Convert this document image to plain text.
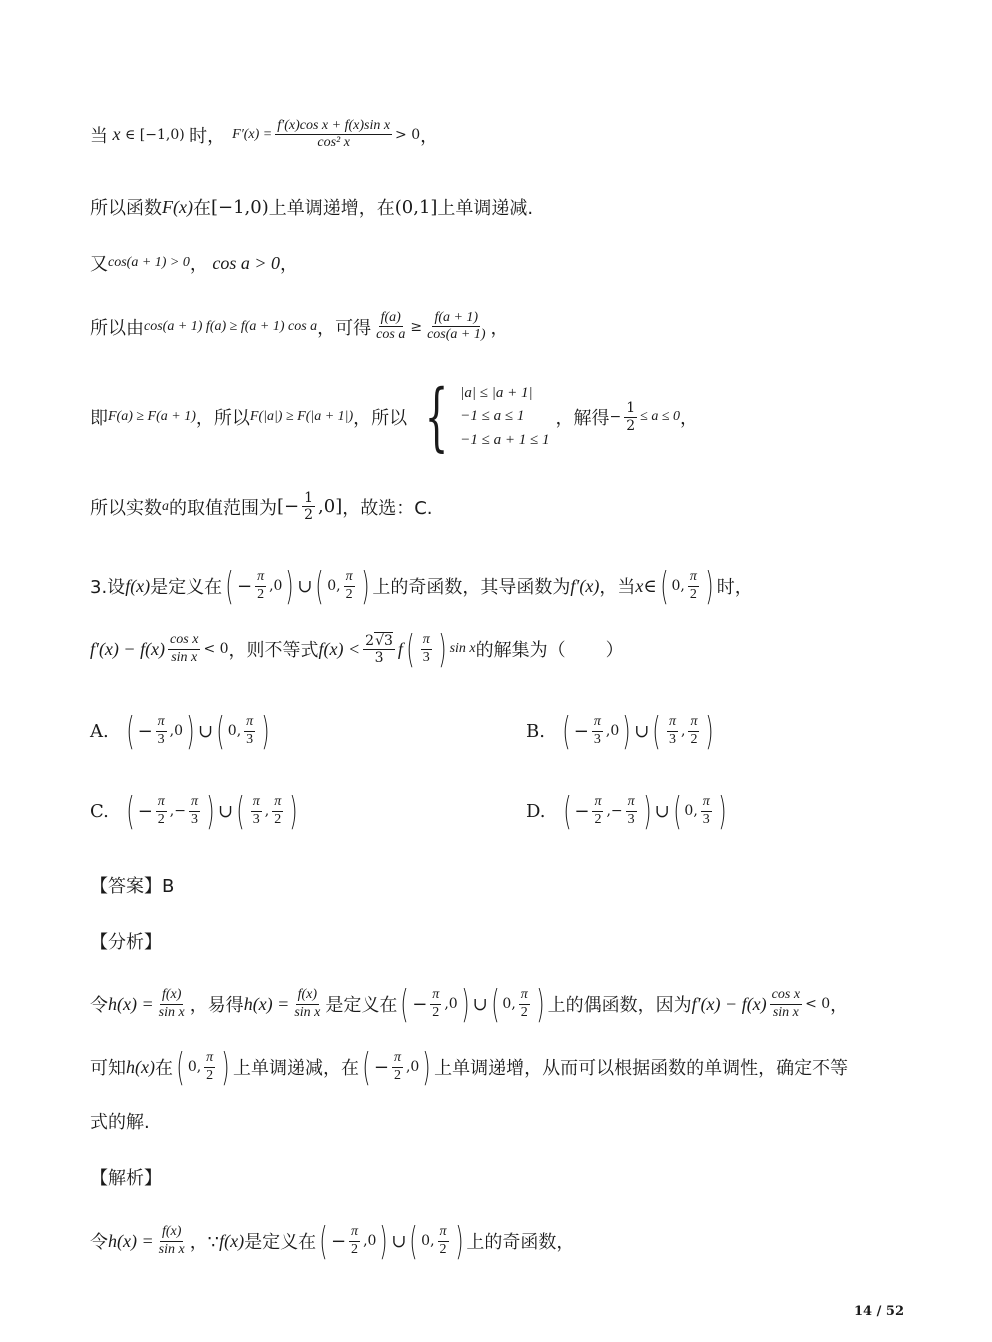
当 x ∈ [−1,0) 时， $F'(x) = \frac{\text{f′(x)cos x + f(x)sin x}}{\text{cos² x}} > 0$ ，
所以函数 F(x) 在 [−1,0) 上单调递增，在 (0,1] 上单调递减.
又 cos(a + 1) > 0 ， cos a > 0 ，
所以由 cos(a + 1) f(a) ≥ f(a + 1) cos a ，可得 $\frac{f(a)}{\text{cos a}} \ge \frac{f(a + 1)}{\cos(a + 1)}$ ，
即 F(a) ≥ F(a + 1) ，所以 F(|a|) ≥ F(|a + 1|) ，所以 { |a| ≤ |a + 1|
−1 ≤ a ≤ 1
−1 ≤ a + 1 ≤ 1
，解得 − $\frac{1}{2} \le a \le 0$ ，
所以实数 a 的取值范围为 [− $\frac{1}{2} ,0$] ，故选：C.
3.设 f(x) 是定义在 ( − $\frac{\pi}{2} ,0$ ) ∪ ( 0, $\frac{\pi}{2}$ ) 上的奇函数，其导函数为 f′(x) ，当 x ∈ ( 0, $\frac{\pi}{2}$ ) 时，
$f'(x) - f(x) \frac{\text{cos x}}{\text{sin x}} < 0$ ，则不等式 $f(x) < \frac{2√3}{3}$ f ( $\frac{\pi}{3}$ ) sin x 的解集为（ ）
A. ( − $\frac{\pi}{3} ,0$ ) ∪ ( 0, $\frac{\pi}{3}$ )	B. ( − $\frac{\pi}{3} ,0$ ) ∪ ( $\frac{\pi}{3}$ , $\frac{\pi}{2}$ )
C. ( − $\frac{\pi}{2}$ ,− $\frac{\pi}{3}$ ) ∪ ( $\frac{\pi}{3}$ , $\frac{\pi}{2}$ )	D. ( − $\frac{\pi}{2}$ ,− $\frac{\pi}{3}$ ) ∪ ( 0, $\frac{\pi}{3}$ )
【答案】B
【分析】
令 $h(x) = \frac{f(x)}{\text{sin x}}$ ，易得 $h(x) = \frac{f(x)}{\text{sin x}}$ 是定义在 ( − $\frac{\pi}{2} ,0$ ) ∪ ( 0, $\frac{\pi}{2}$ ) 上的偶函数，因为 $f'(x) - f(x) \frac{\text{cos x}}{\text{sin x}} < 0$ ，
可知 h(x) 在 ( 0, $\frac{\pi}{2}$ ) 上单调递减，在 ( − $\frac{\pi}{2} ,0$ ) 上单调递增，从而可以根据函数的单调性，确定不等
式的解.
【解析】
令 $h(x) = \frac{f(x)}{\text{sin x}}$ ，∵ f(x) 是定义在 ( − $\frac{\pi}{2} ,0$ ) ∪ ( 0, $\frac{\pi}{2}$ ) 上的奇函数，
14 / 52
